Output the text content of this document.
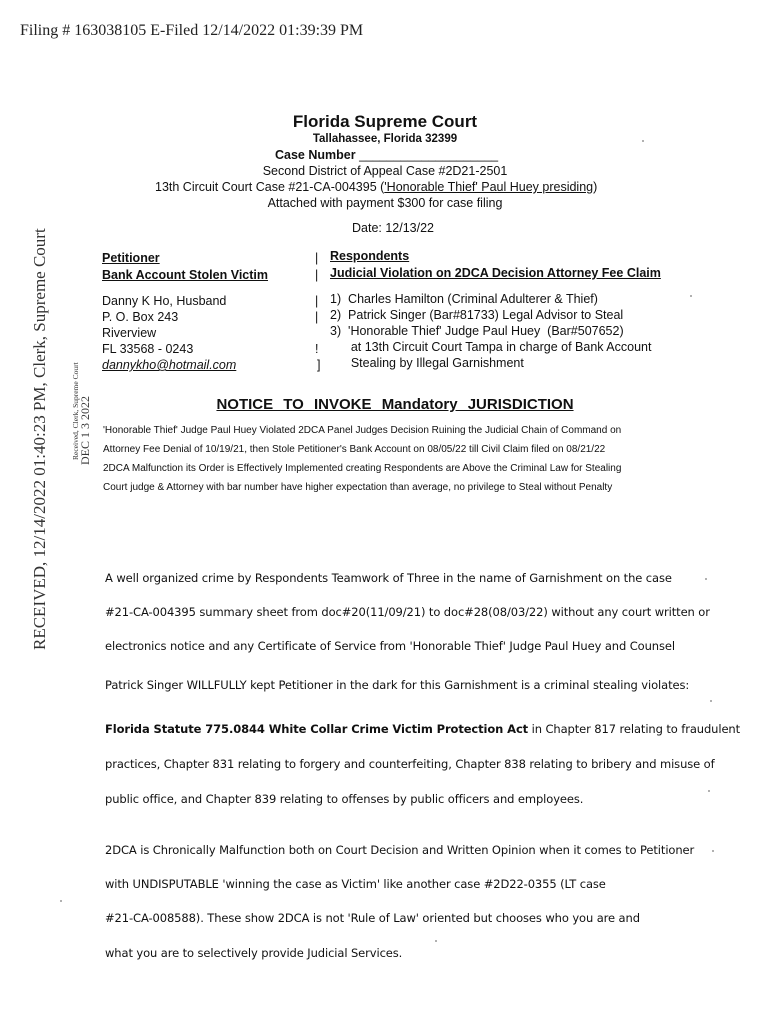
Filing # 163038105 E-Filed 12/14/2022 01:39:39 PM
RECEIVED, 12/14/2022 01:40:23 PM, Clerk, Supreme Court DEC 1 3 2022
Received, Clerk, Supreme Court
Florida Supreme Court
Tallahassee, Florida 32399
Case Number ____________________
Second District of Appeal Case #2D21-2501
13th Circuit Court Case #21-CA-004395 ('Honorable Thief' Paul Huey presiding)
Attached with payment $300 for case filing
Date: 12/13/22
Petitioner
Bank Account Stolen Victim
Danny K Ho, Husband
P. O. Box 243
Riverview
FL 33568 - 0243
dannykho@hotmail.com
|
|
|
|
!
]
Respondents
Judicial Violation on 2DCA Decision Attorney Fee Claim
1)  Charles Hamilton (Criminal Adulterer & Thief)
2)  Patrick Singer (Bar#81733) Legal Advisor to Steal
3)  'Honorable Thief' Judge Paul Huey  (Bar#507652)
at 13th Circuit Court Tampa in charge of Bank Account
Stealing by Illegal Garnishment
NOTICE TO INVOKE Mandatory JURISDICTION
'Honorable Thief' Judge Paul Huey Violated 2DCA Panel Judges Decision Ruining the Judicial Chain of Command on
Attorney Fee Denial of 10/19/21, then Stole Petitioner's Bank Account on 08/05/22 till Civil Claim filed on 08/21/22
2DCA Malfunction its Order is Effectively Implemented creating Respondents are Above the Criminal Law for Stealing
Court judge & Attorney with bar number have higher expectation than average, no privilege to Steal without Penalty
A well organized crime by Respondents Teamwork of Three in the name of Garnishment on the case
#21-CA-004395 summary sheet from doc#20(11/09/21) to doc#28(08/03/22) without any court written or
electronics notice and any Certificate of Service from 'Honorable Thief' Judge Paul Huey and Counsel
Patrick Singer WILLFULLY kept Petitioner in the dark for this Garnishment is a criminal stealing violates:
Florida Statute 775.0844 White Collar Crime Victim Protection Act in Chapter 817 relating to fraudulent
practices, Chapter 831 relating to forgery and counterfeiting, Chapter 838 relating to bribery and misuse of
public office, and Chapter 839 relating to offenses by public officers and employees.
2DCA is Chronically Malfunction both on Court Decision and Written Opinion when it comes to Petitioner
with UNDISPUTABLE 'winning the case as Victim' like another case #2D22-0355 (LT case
#21-CA-008588). These show 2DCA is not 'Rule of Law' oriented but chooses who you are and
what you are to selectively provide Judicial Services.
